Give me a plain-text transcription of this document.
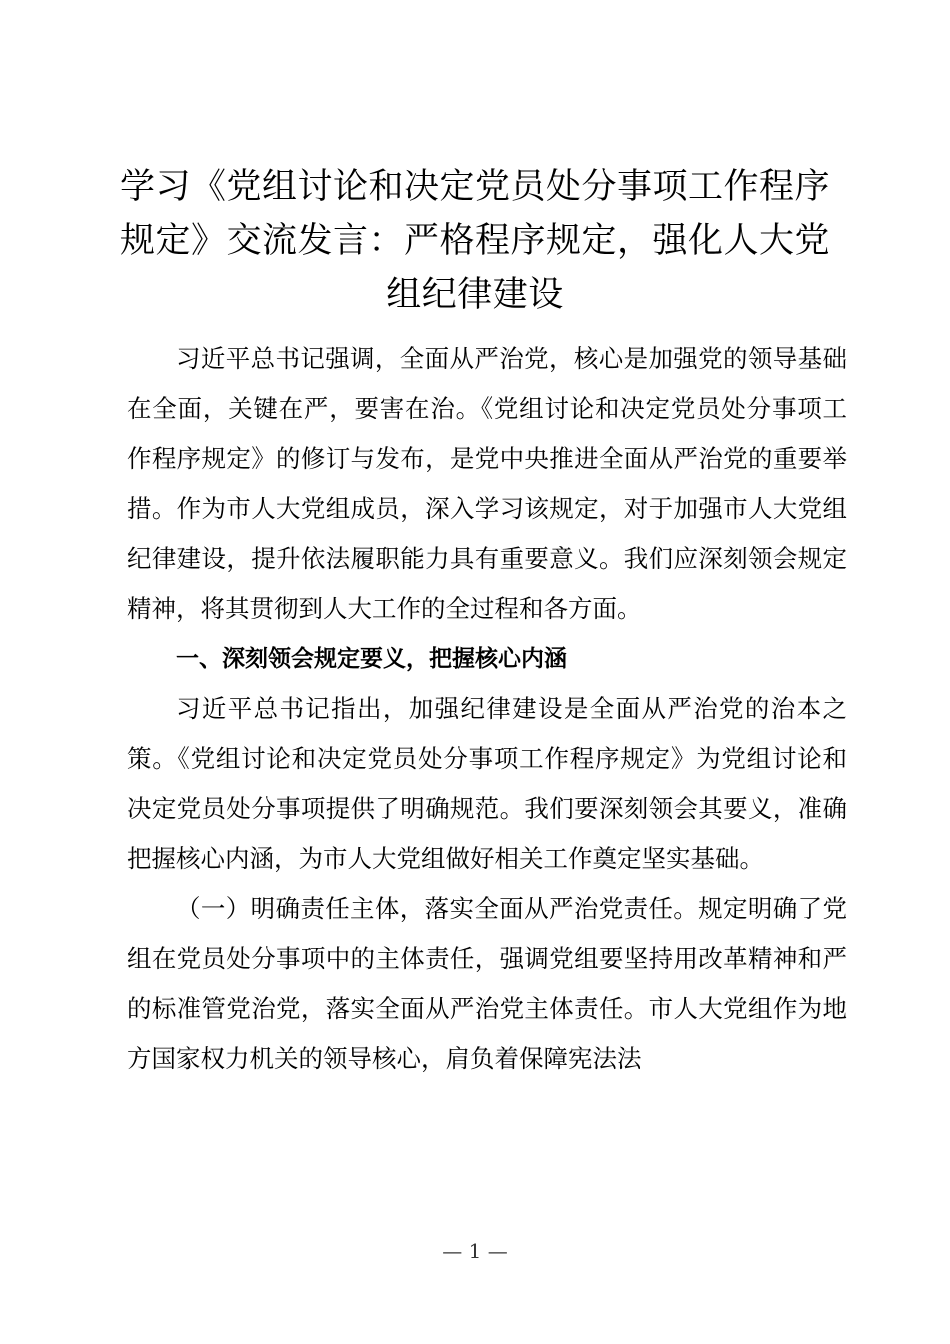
学习《党组讨论和决定党员处分事项工作程序
规定》交流发言：严格程序规定，强化人大党
组纪律建设

习近平总书记强调，全面从严治党，核心是加强党的领导基础在全面，关键在严，要害在治。《党组讨论和决定党员处分事项工作程序规定》的修订与发布，是党中央推进全面从严治党的重要举措。作为市人大党组成员，深入学习该规定，对于加强市人大党组纪律建设，提升依法履职能力具有重要意义。我们应深刻领会规定精神，将其贯彻到人大工作的全过程和各方面。

一、深刻领会规定要义，把握核心内涵

习近平总书记指出，加强纪律建设是全面从严治党的治本之策。《党组讨论和决定党员处分事项工作程序规定》为党组讨论和决定党员处分事项提供了明确规范。我们要深刻领会其要义，准确把握核心内涵，为市人大党组做好相关工作奠定坚实基础。

（一）明确责任主体，落实全面从严治党责任。规定明确了党组在党员处分事项中的主体责任，强调党组要坚持用改革精神和严的标准管党治党，落实全面从严治党主体责任。市人大党组作为地方国家权力机关的领导核心，肩负着保障宪法法

— 1 —
